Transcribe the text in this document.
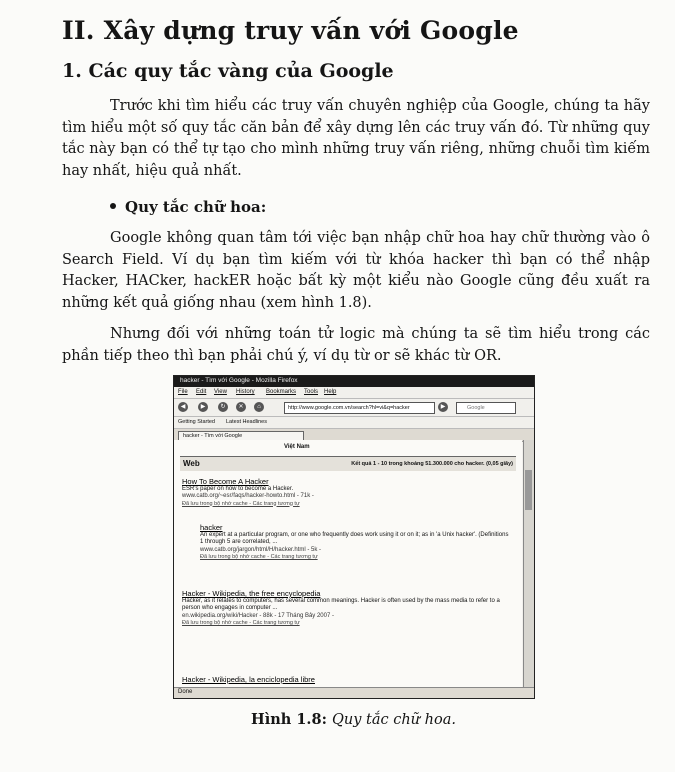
II. Xây dựng truy vấn với Google
1. Các quy tắc vàng của Google

Trước khi tìm hiểu các truy vấn chuyên nghiệp của Google, chúng ta hãy tìm hiểu một số quy tắc căn bản để xây dựng lên các truy vấn đó. Từ những quy tắc này bạn có thể tự tạo cho mình những truy vấn riêng, những chuỗi tìm kiếm hay nhất, hiệu quả nhất.

Quy tắc chữ hoa:

Google không quan tâm tới việc bạn nhập chữ hoa hay chữ thường vào ô Search Field. Ví dụ bạn tìm kiếm với từ khóa hacker thì bạn có thể nhập Hacker, HACker, hackER hoặc bất kỳ một kiểu nào Google cũng đều xuất ra những kết quả giống nhau (xem hình 1.8).

Nhưng đối với những toán tử logic mà chúng ta sẽ tìm hiểu trong các phần tiếp theo thì bạn phải chú ý, ví dụ từ or sẽ khác từ OR.

hacker - Tìm với Google - Mozilla Firefox
File Edit View History Bookmarks Tools Help
◀	▶	↻	✕	⌂	http://www.google.com.vn/search?hl=vi&q=hacker	▶	Google
Getting Started Latest Headlines
hacker - Tìm với Google
Việt Nam
Web	Kết quả 1 - 10 trong khoảng 51.300.000 cho hacker. (0,05 giây)
How To Become A Hacker
ESR's paper on how to become a Hacker.
www.catb.org/~esr/faqs/hacker-howto.html - 71k -
Đã lưu trong bộ nhớ cache - Các trang tương tự
hacker
An expert at a particular program, or one who frequently does work using it or on it; as in 'a Unix hacker'. (Definitions 1 through 5 are correlated, ...
www.catb.org/jargon/html/H/hacker.html - 5k -
Đã lưu trong bộ nhớ cache - Các trang tương tự
Hacker - Wikipedia, the free encyclopedia
Hacker, as it relates to computers, has several common meanings. Hacker is often used by the mass media to refer to a person who engages in computer ...
en.wikipedia.org/wiki/Hacker - 88k - 17 Tháng Bảy 2007 -
Đã lưu trong bộ nhớ cache - Các trang tương tự
Hacker - Wikipedia, la enciclopedia libre
Done
Hình 1.8: Quy tắc chữ hoa.
